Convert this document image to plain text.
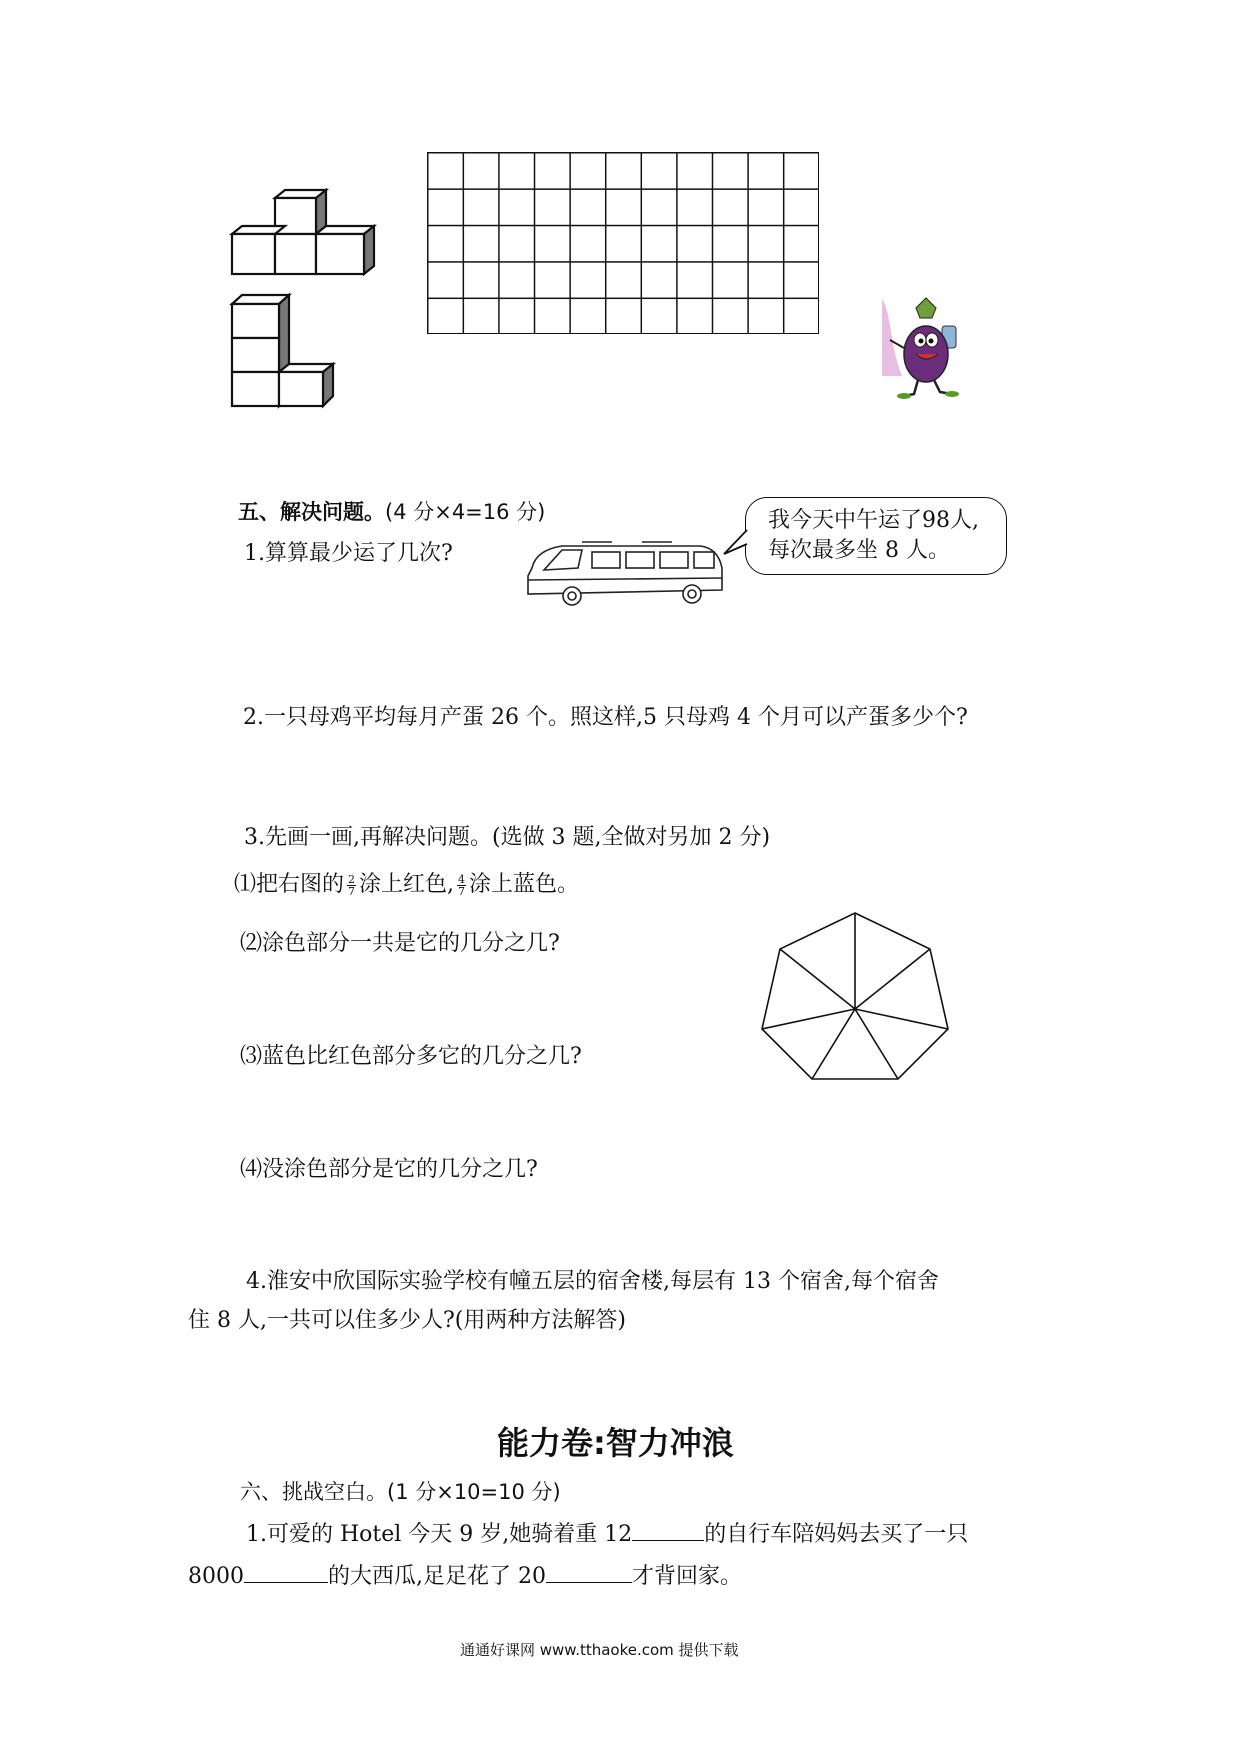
五、解决问题。(4 分×4=16 分)
1.算算最少运了几次?
我今天中午运了98人,
每次最多坐 8 人。
2.一只母鸡平均每月产蛋 26 个。照这样,5 只母鸡 4 个月可以产蛋多少个?
3.先画一画,再解决问题。(选做 3 题,全做对另加 2 分)
⑴把右图的 $\frac{2}{7}$ 涂上红色, $\frac{4}{7}$ 涂上蓝色。
⑵涂色部分一共是它的几分之几?
⑶蓝色比红色部分多它的几分之几?
⑷没涂色部分是它的几分之几?
4.淮安中欣国际实验学校有幢五层的宿舍楼,每层有 13 个宿舍,每个宿舍
住 8 人,一共可以住多少人?(用两种方法解答)
能力卷:智力冲浪
六、挑战空白。(1 分×10=10 分)
1.可爱的 Hotel 今天 9 岁,她骑着重 12	的自行车陪妈妈去买了一只
8000	的大西瓜,足足花了 20	才背回家。
通通好课网 www.tthaoke.com 提供下载
